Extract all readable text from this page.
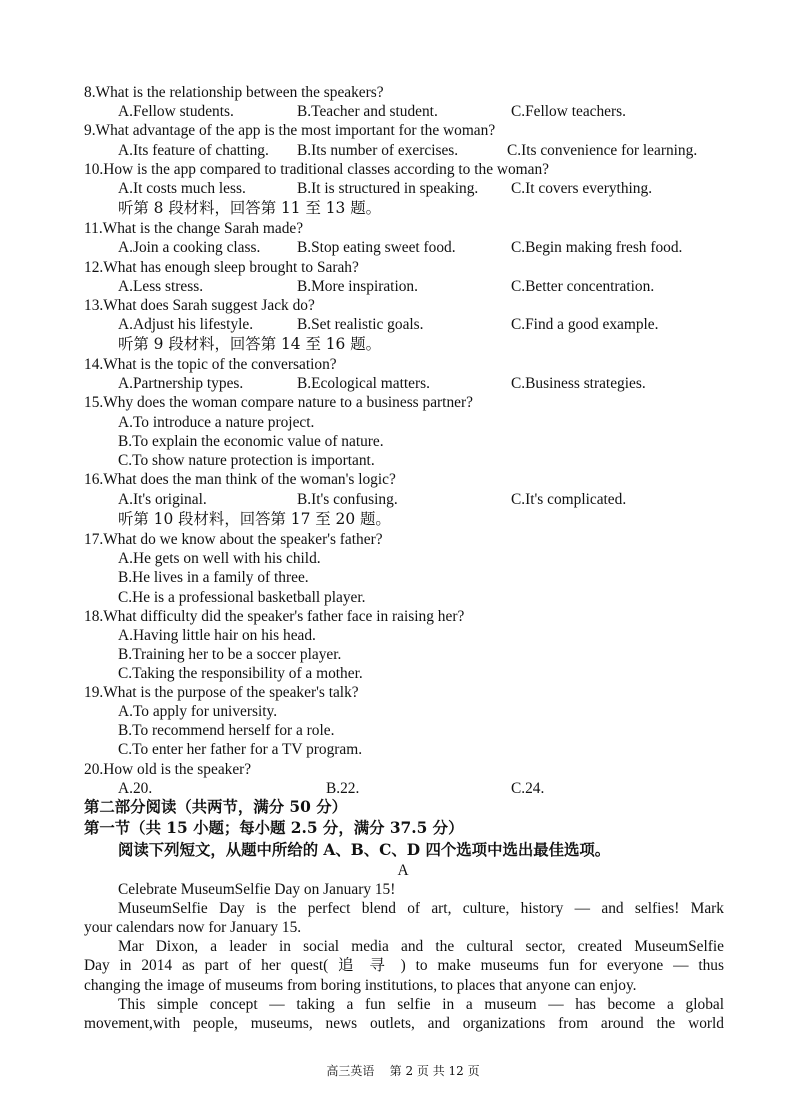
8.What is the relationship between the speakers?
A.Fellow students.	B.Teacher and student.	C.Fellow teachers.
9.What advantage of the app is the most important for the woman?
A.Its feature of chatting. B.Its number of exercises.	C.Its convenience for learning.
10.How is the app compared to traditional classes according to the woman?
A.It costs much less.	B.It is structured in speaking. C.It covers everything.
听第 8 段材料，回答第 11 至 13 题。
11.What is the change Sarah made?
A.Join a cooking class. B.Stop eating sweet food.	C.Begin making fresh food.
12.What has enough sleep brought to Sarah?
A.Less stress.	B.More inspiration.	C.Better concentration.
13.What does Sarah suggest Jack do?
A.Adjust his lifestyle.	B.Set realistic goals.	C.Find a good example.
听第 9 段材料，回答第 14 至 16 题。
14.What is the topic of the conversation?
A.Partnership types.	B.Ecological matters.	C.Business strategies.
15.Why does the woman compare nature to a business partner?
A.To introduce a nature project.
B.To explain the economic value of nature.
C.To show nature protection is important.
16.What does the man think of the woman's logic?
A.It's original.	B.It's confusing.	C.It's complicated.
听第 10 段材料，回答第 17 至 20 题。
17.What do we know about the speaker's father?
A.He gets on well with his child.
B.He lives in a family of three.
C.He is a professional basketball player.
18.What difficulty did the speaker's father face in raising her?
A.Having little hair on his head.
B.Training her to be a soccer player.
C.Taking the responsibility of a mother.
19.What is the purpose of the speaker's talk?
A.To apply for university.
B.To recommend herself for a role.
C.To enter her father for a TV program.
20.How old is the speaker?
A.20.	B.22.	C.24.
第二部分阅读（共两节，满分 50 分）
第一节（共 15 小题；每小题 2.5 分，满分 37.5 分）
阅读下列短文，从题中所给的 A、B、C、D 四个选项中选出最佳选项。
A
Celebrate MuseumSelfie Day on January 15!
MuseumSelfie Day is the perfect blend of art, culture, history — and selfies! Mark
your calendars now for January 15.
Mar Dixon, a leader in social media and the cultural sector, created MuseumSelfie
Day in 2014 as part of her quest( 追 寻 ) to make museums fun for everyone — thus
changing the image of museums from boring institutions, to places that anyone can enjoy.
This simple concept — taking a fun selfie in a museum — has become a global
movement,with people, museums, news outlets, and organizations from around the world
高三英语    第 2 页 共 12 页
